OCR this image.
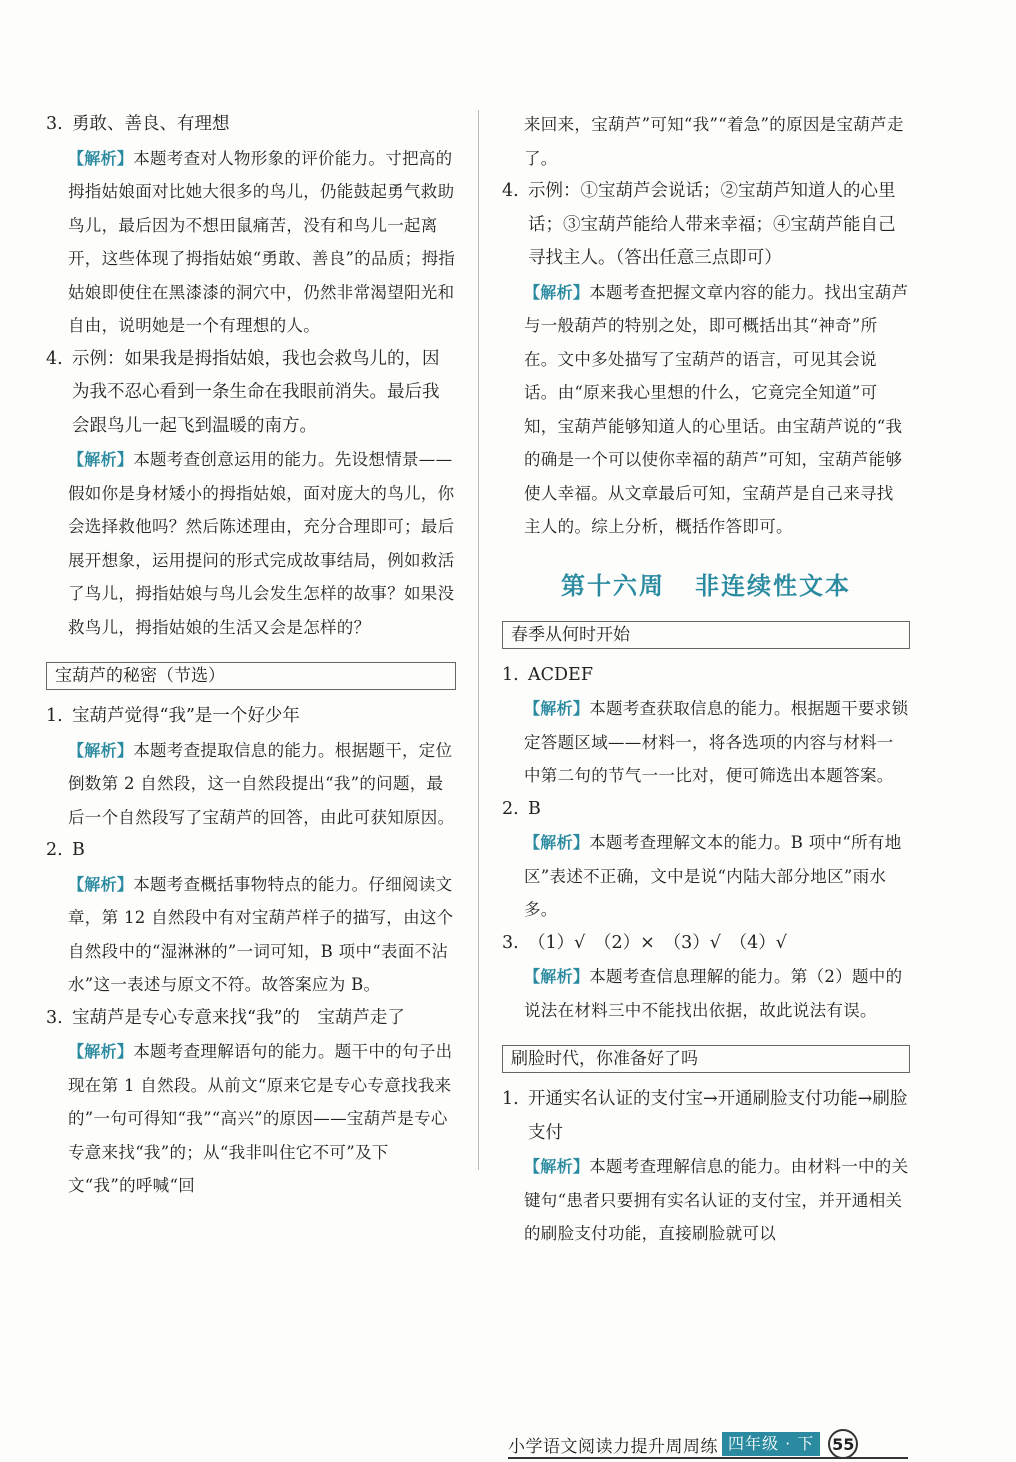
3. 勇敢、善良、有理想

【解析】本题考查对人物形象的评价能力。寸把高的拇指姑娘面对比她大很多的鸟儿，仍能鼓起勇气救助鸟儿，最后因为不想田鼠痛苦，没有和鸟儿一起离开，这些体现了拇指姑娘“勇敢、善良”的品质；拇指姑娘即使住在黑漆漆的洞穴中，仍然非常渴望阳光和自由，说明她是一个有理想的人。

4. 示例：如果我是拇指姑娘，我也会救鸟儿的，因为我不忍心看到一条生命在我眼前消失。最后我会跟鸟儿一起飞到温暖的南方。

【解析】本题考查创意运用的能力。先设想情景——假如你是身材矮小的拇指姑娘，面对庞大的鸟儿，你会选择救他吗？然后陈述理由，充分合理即可；最后展开想象，运用提问的形式完成故事结局，例如救活了鸟儿，拇指姑娘与鸟儿会发生怎样的故事？如果没救鸟儿，拇指姑娘的生活又会是怎样的？

宝葫芦的秘密（节选）

1. 宝葫芦觉得“我”是一个好少年

【解析】本题考查提取信息的能力。根据题干，定位倒数第 2 自然段，这一自然段提出“我”的问题，最后一个自然段写了宝葫芦的回答，由此可获知原因。

2. B

【解析】本题考查概括事物特点的能力。仔细阅读文章，第 12 自然段中有对宝葫芦样子的描写，由这个自然段中的“湿淋淋的”一词可知，B 项中“表面不沾水”这一表述与原文不符。故答案应为 B。

3. 宝葫芦是专心专意来找“我”的　宝葫芦走了

【解析】本题考查理解语句的能力。题干中的句子出现在第 1 自然段。从前文“原来它是专心专意找我来的”一句可得知“我”“高兴”的原因——宝葫芦是专心专意来找“我”的；从“我非叫住它不可”及下文“我”的呼喊“回

来回来，宝葫芦”可知“我”“着急”的原因是宝葫芦走了。

4. 示例：①宝葫芦会说话；②宝葫芦知道人的心里话；③宝葫芦能给人带来幸福；④宝葫芦能自己寻找主人。（答出任意三点即可）

【解析】本题考查把握文章内容的能力。找出宝葫芦与一般葫芦的特别之处，即可概括出其“神奇”所在。文中多处描写了宝葫芦的语言，可见其会说话。由“原来我心里想的什么，它竟完全知道”可知，宝葫芦能够知道人的心里话。由宝葫芦说的“我的确是一个可以使你幸福的葫芦”可知，宝葫芦能够使人幸福。从文章最后可知，宝葫芦是自己来寻找主人的。综上分析，概括作答即可。

第十六周 非连续性文本
春季从何时开始

1. ACDEF

【解析】本题考查获取信息的能力。根据题干要求锁定答题区域——材料一，将各选项的内容与材料一中第二句的节气一一比对，便可筛选出本题答案。

2. B

【解析】本题考查理解文本的能力。B 项中“所有地区”表述不正确，文中是说“内陆大部分地区”雨水多。

3. （1）√　（2）×　（3）√　（4）√

【解析】本题考查信息理解的能力。第（2）题中的说法在材料三中不能找出依据，故此说法有误。

刷脸时代，你准备好了吗

1. 开通实名认证的支付宝→开通刷脸支付功能→刷脸支付

【解析】本题考查理解信息的能力。由材料一中的关键句“患者只要拥有实名认证的支付宝，并开通相关的刷脸支付功能，直接刷脸就可以

小学语文阅读力提升周周练 四年级 · 下	55
